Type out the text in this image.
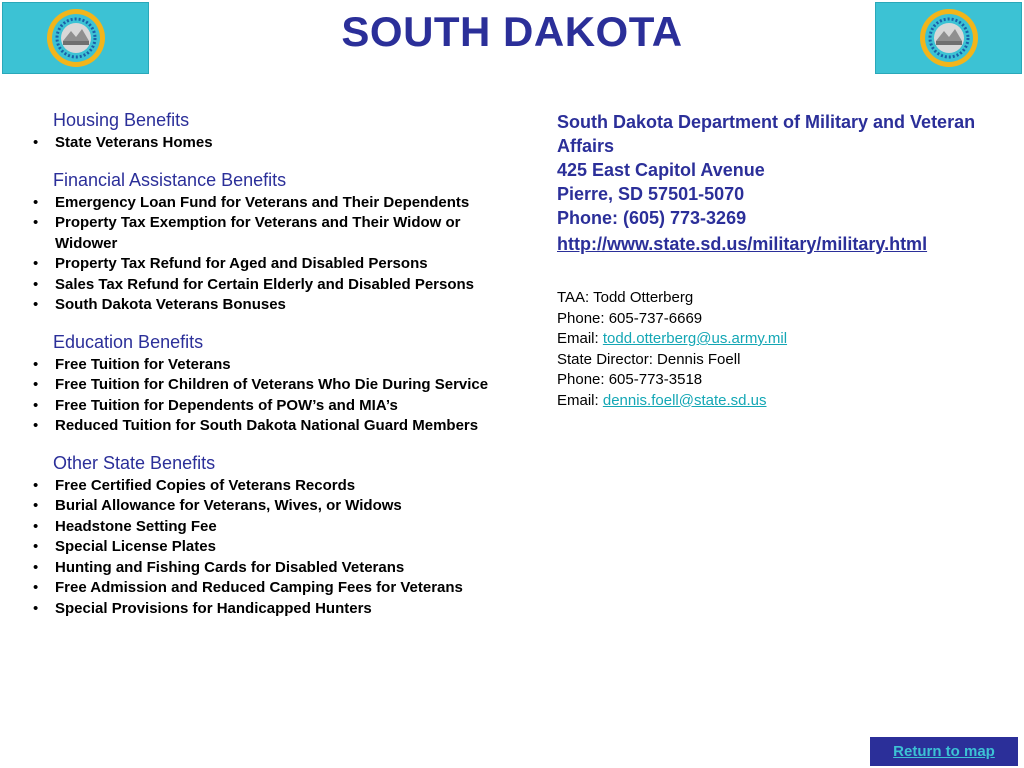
SOUTH DAKOTA
Housing Benefits
• State Veterans Homes
Financial Assistance Benefits
• Emergency Loan Fund for Veterans and Their Dependents
• Property Tax Exemption for Veterans and Their Widow or Widower
• Property Tax Refund for Aged and Disabled Persons
• Sales Tax Refund for Certain Elderly and Disabled Persons
• South Dakota Veterans Bonuses
Education Benefits
• Free Tuition for Veterans
• Free Tuition for Children of Veterans Who Die During Service
• Free Tuition for Dependents of POW’s and MIA’s
• Reduced Tuition for South Dakota National Guard Members
Other State Benefits
• Free Certified Copies of Veterans Records
• Burial Allowance for Veterans, Wives, or Widows
• Headstone Setting Fee
• Special License Plates
• Hunting and Fishing Cards for Disabled Veterans
• Free Admission and Reduced Camping Fees for Veterans
• Special Provisions for Handicapped Hunters
South Dakota Department of Military and Veteran Affairs
425 East Capitol Avenue
Pierre, SD 57501-5070
Phone: (605) 773-3269
http://www.state.sd.us/military/military.html
TAA: Todd Otterberg
Phone: 605-737-6669
Email: todd.otterberg@us.army.mil
State Director: Dennis Foell
Phone: 605-773-3518
Email: dennis.foell@state.sd.us
Return to map
